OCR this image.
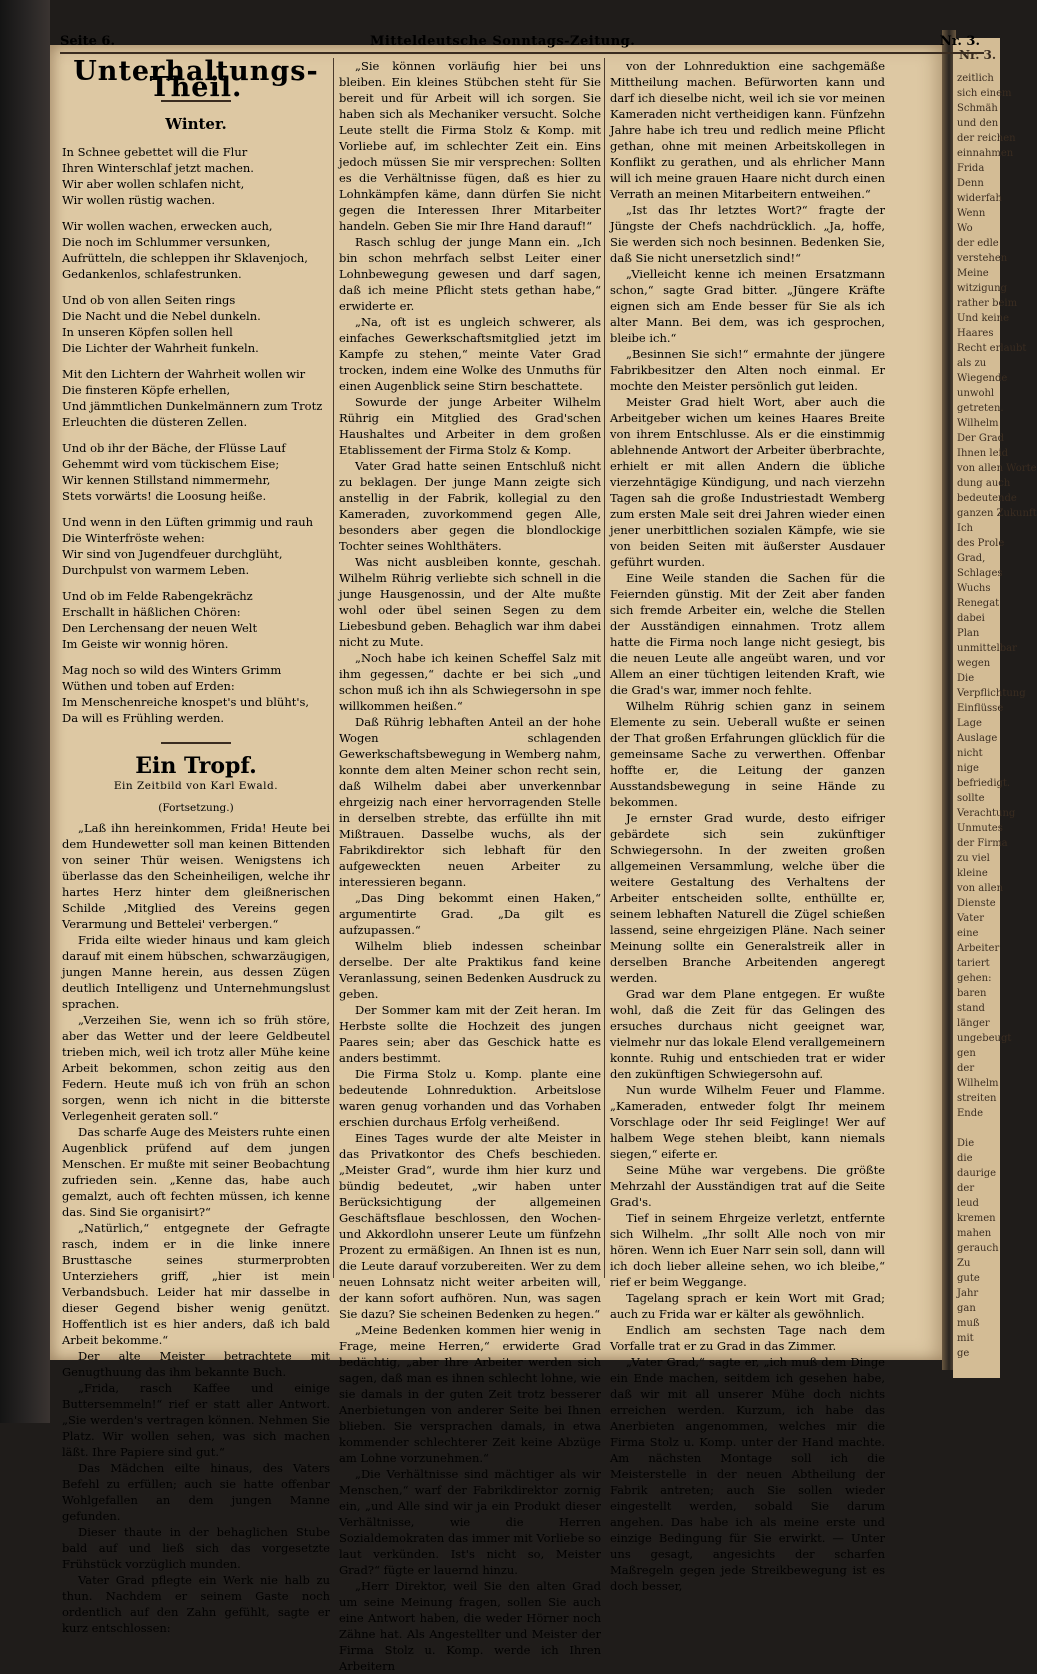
Nr. 3.
zeitlich
sich einem
Schmäh
und den
der reichen
einnahmen
Frida
Denn
widerfah
Wenn
Wo
der edle
verstehen
Meine
witzigung
rather beim
Und keine
Haares
Recht erlaubt
als zu
Wiegende
unwohl
getreten.
Wilhelm
Der Grad
Ihnen leid
von allen Worte
dung auch
bedeutende
ganzen Zukunft
Ich
des Prole
Grad,
Schlages
Wuchs
Renegat
dabei
Plan
unmittelbar
wegen
Die
Verpflichtung
Einflüsse
Lage
Auslage
nicht
nige
befriedigt.
sollte
Verachtung
Unmutes
der Firma
zu viel
kleine
von allen
Dienste
Vater
eine
Arbeiter
tariert
gehen:
baren
stand
länger
ungebeugt
gen
der
Wilhelm
streiten
Ende

Die
die
daurige
der
leud
kremen
mahen
gerauch
Zu
gute
Jahr
gan
muß
mit
ge
Seite 6.	Mitteldeutsche Sonntags-Zeitung.	Nr. 3.
Unterhaltungs-Theil.
Winter.
In Schnee gebettet will die Flur
Ihren Winterschlaf jetzt machen.
Wir aber wollen schlafen nicht,
Wir wollen rüstig wachen.
Wir wollen wachen, erwecken auch,
Die noch im Schlummer versunken,
Aufrütteln, die schleppen ihr Sklavenjoch,
Gedankenlos, schlafestrunken.
Und ob von allen Seiten rings
Die Nacht und die Nebel dunkeln.
In unseren Köpfen sollen hell
Die Lichter der Wahrheit funkeln.
Mit den Lichtern der Wahrheit wollen wir
Die finsteren Köpfe erhellen,
Und jämmtlichen Dunkelmännern zum Trotz
Erleuchten die düsteren Zellen.
Und ob ihr der Bäche, der Flüsse Lauf
Gehemmt wird vom tückischem Eise;
Wir kennen Stillstand nimmermehr,
Stets vorwärts! die Loosung heiße.
Und wenn in den Lüften grimmig und rauh
Die Winterfröste wehen:
Wir sind von Jugendfeuer durchglüht,
Durchpulst von warmem Leben.
Und ob im Felde Rabengekrächz
Erschallt in häßlichen Chören:
Den Lerchensang der neuen Welt
Im Geiste wir wonnig hören.
Mag noch so wild des Winters Grimm
Wüthen und toben auf Erden:
Im Menschenreiche knospet's und blüht's,
Da will es Frühling werden.
Ein Tropf.
Ein Zeitbild von Karl Ewald.
(Fortsetzung.)

„Laß ihn hereinkommen, Frida! Heute bei dem Hundewetter soll man keinen Bittenden von seiner Thür weisen. Wenigstens ich überlasse das den Scheinheiligen, welche ihr hartes Herz hinter dem gleißnerischen Schilde ‚Mitglied des Vereins gegen Verarmung und Bettelei' verbergen.“

Frida eilte wieder hinaus und kam gleich darauf mit einem hübschen, schwarzäugigen, jungen Manne herein, aus dessen Zügen deutlich Intelligenz und Unternehmungslust sprachen.

„Verzeihen Sie, wenn ich so früh störe, aber das Wetter und der leere Geldbeutel trieben mich, weil ich trotz aller Mühe keine Arbeit bekommen, schon zeitig aus den Federn. Heute muß ich von früh an schon sorgen, wenn ich nicht in die bitterste Verlegenheit geraten soll.“

Das scharfe Auge des Meisters ruhte einen Augenblick prüfend auf dem jungen Menschen. Er mußte mit seiner Beobachtung zufrieden sein. „Kenne das, habe auch gemalzt, auch oft fechten müssen, ich kenne das. Sind Sie organisirt?“

„Natürlich,“ entgegnete der Gefragte rasch, indem er in die linke innere Brusttasche seines sturmerprobten Unterziehers griff, „hier ist mein Verbandsbuch. Leider hat mir dasselbe in dieser Gegend bisher wenig genützt. Hoffentlich ist es hier anders, daß ich bald Arbeit bekomme.“

Der alte Meister betrachtete mit Genugthuung das ihm bekannte Buch.

„Frida, rasch Kaffee und einige Buttersemmeln!“ rief er statt aller Antwort. „Sie werden's vertragen können. Nehmen Sie Platz. Wir wollen sehen, was sich machen läßt. Ihre Papiere sind gut.“

Das Mädchen eilte hinaus, des Vaters Befehl zu erfüllen; auch sie hatte offenbar Wohlgefallen an dem jungen Manne gefunden.

Dieser thaute in der behaglichen Stube bald auf und ließ sich das vorgesetzte Frühstück vorzüglich munden.

Vater Grad pflegte ein Werk nie halb zu thun. Nachdem er seinem Gaste noch ordentlich auf den Zahn gefühlt, sagte er kurz entschlossen:

„Sie können vorläufig hier bei uns bleiben. Ein kleines Stübchen steht für Sie bereit und für Arbeit will ich sorgen. Sie haben sich als Mechaniker versucht. Solche Leute stellt die Firma Stolz & Komp. mit Vorliebe auf, im schlechter Zeit ein. Eins jedoch müssen Sie mir versprechen: Sollten es die Verhältnisse fügen, daß es hier zu Lohnkämpfen käme, dann dürfen Sie nicht gegen die Interessen Ihrer Mitarbeiter handeln. Geben Sie mir Ihre Hand darauf!“

Rasch schlug der junge Mann ein. „Ich bin schon mehrfach selbst Leiter einer Lohnbewegung gewesen und darf sagen, daß ich meine Pflicht stets gethan habe,“ erwiderte er.

„Na, oft ist es ungleich schwerer, als einfaches Gewerkschaftsmitglied jetzt im Kampfe zu stehen,“ meinte Vater Grad trocken, indem eine Wolke des Unmuths für einen Augenblick seine Stirn beschattete.

Sowurde der junge Arbeiter Wilhelm Rührig ein Mitglied des Grad'schen Haushaltes und Arbeiter in dem großen Etablissement der Firma Stolz & Komp.

Vater Grad hatte seinen Entschluß nicht zu beklagen. Der junge Mann zeigte sich anstellig in der Fabrik, kollegial zu den Kameraden, zuvorkommend gegen Alle, besonders aber gegen die blondlockige Tochter seines Wohlthäters.

Was nicht ausbleiben konnte, geschah. Wilhelm Rührig verliebte sich schnell in die junge Hausgenossin, und der Alte mußte wohl oder übel seinen Segen zu dem Liebesbund geben. Behaglich war ihm dabei nicht zu Mute.

„Noch habe ich keinen Scheffel Salz mit ihm gegessen,“ dachte er bei sich „und schon muß ich ihn als Schwiegersohn in spe willkommen heißen.“

Daß Rührig lebhaften Anteil an der hohe Wogen schlagenden Gewerkschaftsbewegung in Wemberg nahm, konnte dem alten Meiner schon recht sein, daß Wilhelm dabei aber unverkennbar ehrgeizig nach einer hervorragenden Stelle in derselben strebte, das erfüllte ihn mit Mißtrauen. Dasselbe wuchs, als der Fabrikdirektor sich lebhaft für den aufgeweckten neuen Arbeiter zu interessieren begann.

„Das Ding bekommt einen Haken,“ argumentirte Grad. „Da gilt es aufzupassen.“

Wilhelm blieb indessen scheinbar derselbe. Der alte Praktikus fand keine Veranlassung, seinen Bedenken Ausdruck zu geben.

Der Sommer kam mit der Zeit heran. Im Herbste sollte die Hochzeit des jungen Paares sein; aber das Geschick hatte es anders bestimmt.

Die Firma Stolz u. Komp. plante eine bedeutende Lohnreduktion. Arbeitslose waren genug vorhanden und das Vorhaben erschien durchaus Erfolg verheißend.

Eines Tages wurde der alte Meister in das Privatkontor des Chefs beschieden. „Meister Grad“, wurde ihm hier kurz und bündig bedeutet, „wir haben unter Berücksichtigung der allgemeinen Geschäftsflaue beschlossen, den Wochen- und Akkordlohn unserer Leute um fünfzehn Prozent zu ermäßigen. An Ihnen ist es nun, die Leute darauf vorzubereiten. Wer zu dem neuen Lohnsatz nicht weiter arbeiten will, der kann sofort aufhören. Nun, was sagen Sie dazu? Sie scheinen Bedenken zu hegen.“

„Meine Bedenken kommen hier wenig in Frage, meine Herren,“ erwiderte Grad bedächtig, „aber Ihre Arbeiter werden sich sagen, daß man es ihnen schlecht lohne, wie sie damals in der guten Zeit trotz besserer Anerbietungen von anderer Seite bei Ihnen blieben. Sie versprachen damals, in etwa kommender schlechterer Zeit keine Abzüge am Lohne vorzunehmen.“

„Die Verhältnisse sind mächtiger als wir Menschen,“ warf der Fabrikdirektor zornig ein, „und Alle sind wir ja ein Produkt dieser Verhältnisse, wie die Herren Sozialdemokraten das immer mit Vorliebe so laut verkünden. Ist's nicht so, Meister Grad?“ fügte er lauernd hinzu.

„Herr Direktor, weil Sie den alten Grad um seine Meinung fragen, sollen Sie auch eine Antwort haben, die weder Hörner noch Zähne hat. Als Angestellter und Meister der Firma Stolz u. Komp. werde ich Ihren Arbeitern

von der Lohnreduktion eine sachgemäße Mittheilung machen. Befürworten kann und darf ich dieselbe nicht, weil ich sie vor meinen Kameraden nicht vertheidigen kann. Fünfzehn Jahre habe ich treu und redlich meine Pflicht gethan, ohne mit meinen Arbeitskollegen in Konflikt zu gerathen, und als ehrlicher Mann will ich meine grauen Haare nicht durch einen Verrath an meinen Mitarbeitern entweihen.“

„Ist das Ihr letztes Wort?“ fragte der Jüngste der Chefs nachdrücklich. „Ja, hoffe, Sie werden sich noch besinnen. Bedenken Sie, daß Sie nicht unersetzlich sind!“

„Vielleicht kenne ich meinen Ersatzmann schon,“ sagte Grad bitter. „Jüngere Kräfte eignen sich am Ende besser für Sie als ich alter Mann. Bei dem, was ich gesprochen, bleibe ich.“

„Besinnen Sie sich!“ ermahnte der jüngere Fabrikbesitzer den Alten noch einmal. Er mochte den Meister persönlich gut leiden.

Meister Grad hielt Wort, aber auch die Arbeitgeber wichen um keines Haares Breite von ihrem Entschlusse. Als er die einstimmig ablehnende Antwort der Arbeiter überbrachte, erhielt er mit allen Andern die übliche vierzehntägige Kündigung, und nach vierzehn Tagen sah die große Industriestadt Wemberg zum ersten Male seit drei Jahren wieder einen jener unerbittlichen sozialen Kämpfe, wie sie von beiden Seiten mit äußerster Ausdauer geführt wurden.

Eine Weile standen die Sachen für die Feiernden günstig. Mit der Zeit aber fanden sich fremde Arbeiter ein, welche die Stellen der Ausständigen einnahmen. Trotz allem hatte die Firma noch lange nicht gesiegt, bis die neuen Leute alle angeübt waren, und vor Allem an einer tüchtigen leitenden Kraft, wie die Grad's war, immer noch fehlte.

Wilhelm Rührig schien ganz in seinem Elemente zu sein. Ueberall wußte er seinen der That großen Erfahrungen glücklich für die gemeinsame Sache zu verwerthen. Offenbar hoffte er, die Leitung der ganzen Ausstandsbewegung in seine Hände zu bekommen.

Je ernster Grad wurde, desto eifriger gebärdete sich sein zukünftiger Schwiegersohn. In der zweiten großen allgemeinen Versammlung, welche über die weitere Gestaltung des Verhaltens der Arbeiter entscheiden sollte, enthüllte er, seinem lebhaften Naturell die Zügel schießen lassend, seine ehrgeizigen Pläne. Nach seiner Meinung sollte ein Generalstreik aller in derselben Branche Arbeitenden angeregt werden.

Grad war dem Plane entgegen. Er wußte wohl, daß die Zeit für das Gelingen des ersuches durchaus nicht geeignet war, vielmehr nur das lokale Elend verallgemeinern konnte. Ruhig und entschieden trat er wider den zukünftigen Schwiegersohn auf.

Nun wurde Wilhelm Feuer und Flamme. „Kameraden, entweder folgt Ihr meinem Vorschlage oder Ihr seid Feiglinge! Wer auf halbem Wege stehen bleibt, kann niemals siegen,“ eiferte er.

Seine Mühe war vergebens. Die größte Mehrzahl der Ausständigen trat auf die Seite Grad's.

Tief in seinem Ehrgeize verletzt, entfernte sich Wilhelm. „Ihr sollt Alle noch von mir hören. Wenn ich Euer Narr sein soll, dann will ich doch lieber alleine sehen, wo ich bleibe,“ rief er beim Weggange.

Tagelang sprach er kein Wort mit Grad; auch zu Frida war er kälter als gewöhnlich.

Endlich am sechsten Tage nach dem Vorfalle trat er zu Grad in das Zimmer.

„Vater Grad,“ sagte er, „ich muß dem Dinge ein Ende machen, seitdem ich gesehen habe, daß wir mit all unserer Mühe doch nichts erreichen werden. Kurzum, ich habe das Anerbieten angenommen, welches mir die Firma Stolz u. Komp. unter der Hand machte. Am nächsten Montage soll ich die Meisterstelle in der neuen Abtheilung der Fabrik antreten; auch Sie sollen wieder eingestellt werden, sobald Sie darum angehen. Das habe ich als meine erste und einzige Bedingung für Sie erwirkt. — Unter uns gesagt, angesichts der scharfen Maßregeln gegen jede Streikbewegung ist es doch besser,
